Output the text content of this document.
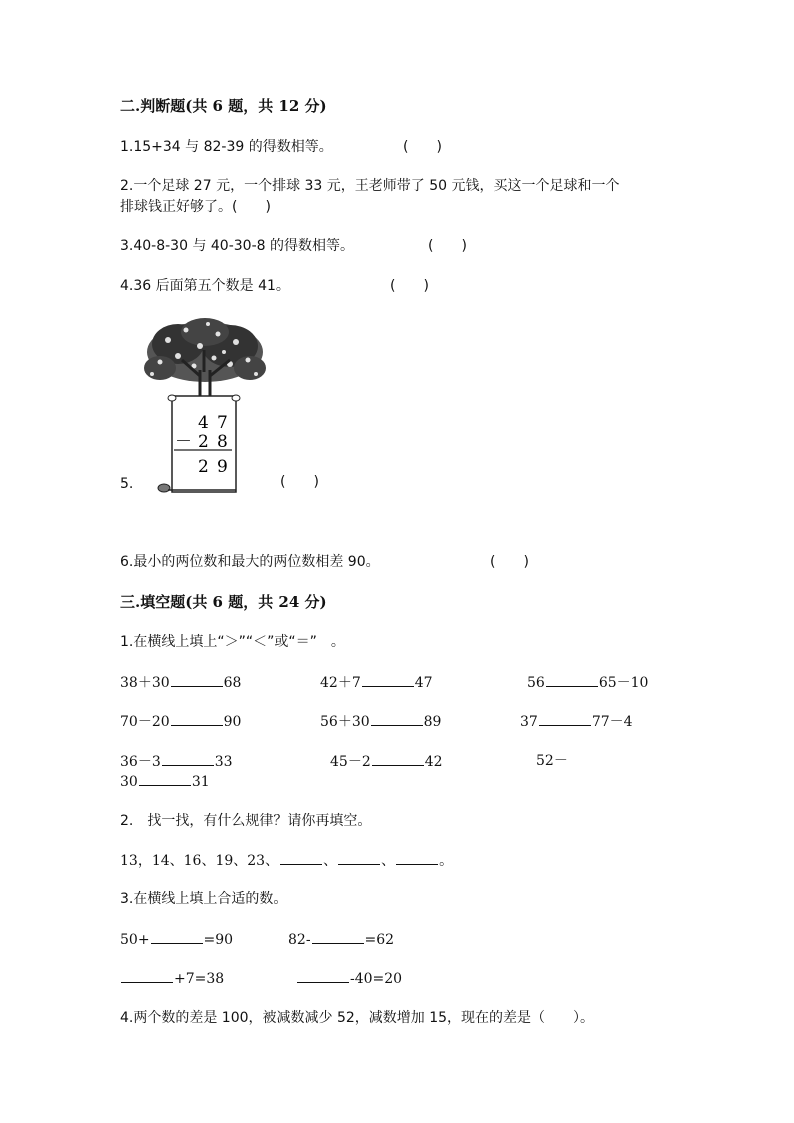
二.判断题(共 6 题，共 12 分)
1.15+34 与 82-39 的得数相等。	(　　)
2.一个足球 27 元，一个排球 33 元，王老师带了 50 元钱，买这一个足球和一个
排球钱正好够了。(　　)
3.40-8-30 与 40-30-8 的得数相等。	(　　)
4.36 后面第五个数是 41。	(　　)
4 7
－ 2 8
2 9
5.	(　　)
6.最小的两位数和最大的两位数相差 90。	(　　)
三.填空题(共 6 题，共 24 分)
1.在横线上填上“＞”“＜”或“＝”　。
38＋30	68	42＋7	47	56	65－10
70－20	90	56＋30	89	37	77－4
36－3	33	45－2	42	52－
30	31
2.　找一找，有什么规律？请你再填空。
13，14、16、19、23、	、	、	。
3.在横线上填上合适的数。
50+	=90	82-	=62
+7=38	-40=20
4.两个数的差是 100，被减数减少 52，减数增加 15，现在的差是（　　）。
